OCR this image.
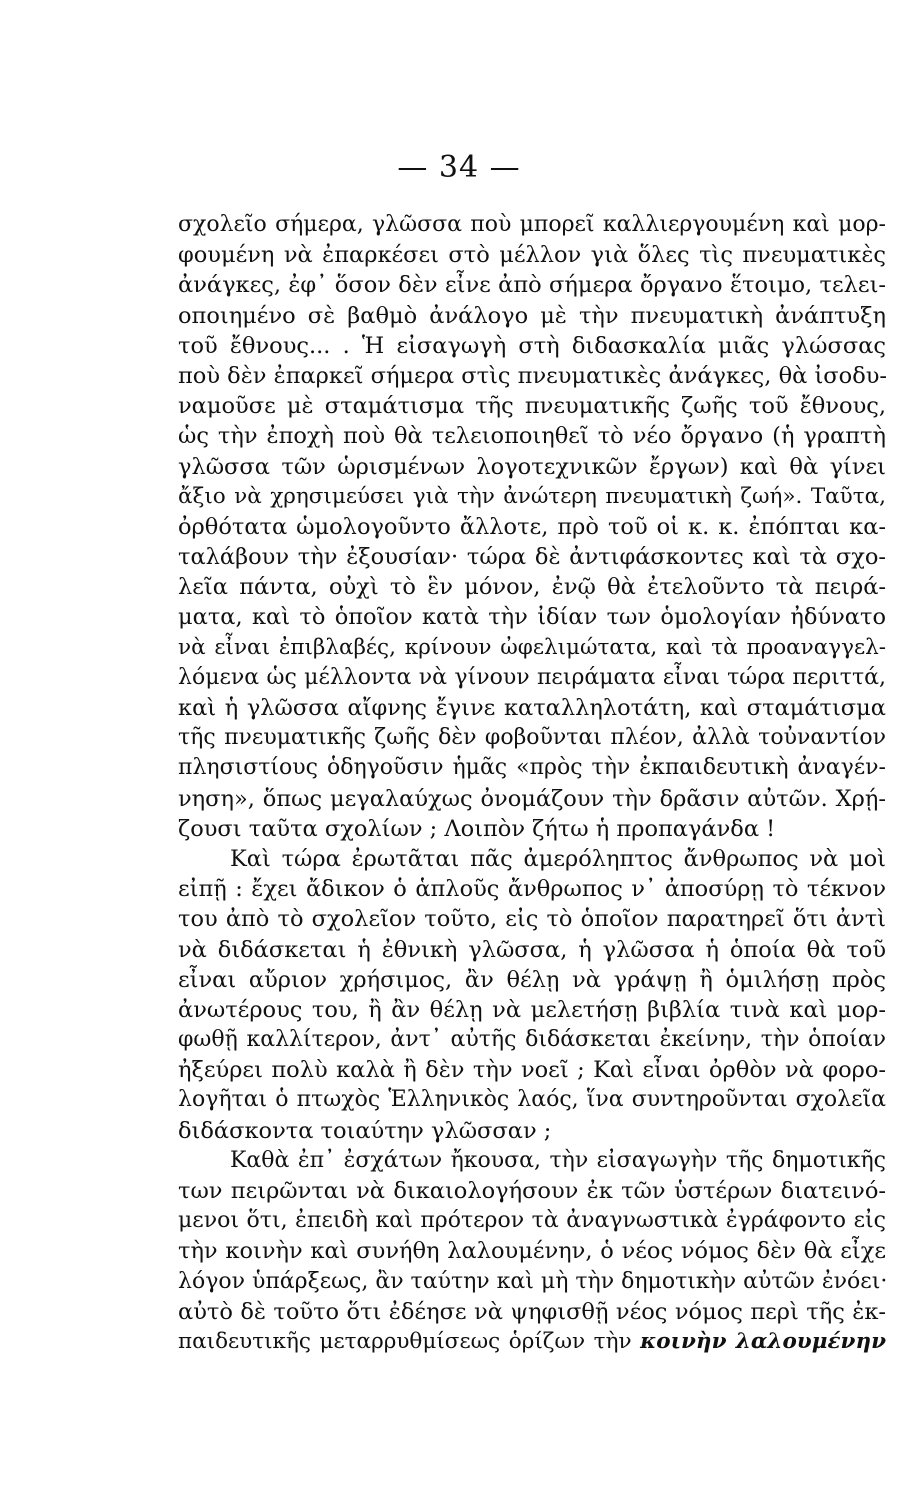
— 34 —
σχολεῖο σήμερα, γλῶσσα ποὺ μπορεῖ καλλιεργουμένη καὶ μορ-
φουμένη νὰ ἐπαρκέσει στὸ μέλλον γιὰ ὅλες τὶς πνευματικὲς
ἀνάγκες, ἐφ᾽ ὅσον δὲν εἶνε ἀπὸ σήμερα ὄργανο ἕτοιμο, τελει-
οποιημένο σὲ βαθμὸ ἀνάλογο μὲ τὴν πνευματικὴ ἀνάπτυξη
τοῦ ἔθνους... . Ἡ εἰσαγωγὴ στὴ διδασκαλία μιᾶς γλώσσας
ποὺ δὲν ἐπαρκεῖ σήμερα στὶς πνευματικὲς ἀνάγκες, θὰ ἰσοδυ-
ναμοῦσε μὲ σταμάτισμα τῆς πνευματικῆς ζωῆς τοῦ ἔθνους,
ὡς τὴν ἐποχὴ ποὺ θὰ τελειοποιηθεῖ τὸ νέο ὄργανο (ἡ γραπτὴ
γλῶσσα τῶν ὡρισμένων λογοτεχνικῶν ἔργων) καὶ θὰ γίνει
ἄξιο νὰ χρησιμεύσει γιὰ τὴν ἀνώτερη πνευματικὴ ζωή». Ταῦτα,
ὀρθότατα ὡμολογοῦντο ἄλλοτε, πρὸ τοῦ οἱ κ. κ. ἐπόπται κα-
ταλάβουν τὴν ἐξουσίαν· τώρα δὲ ἀντιφάσκοντες καὶ τὰ σχο-
λεῖα πάντα, οὐχὶ τὸ ἓν μόνον, ἐνῷ θὰ ἐτελοῦντο τὰ πειρά-
ματα, καὶ τὸ ὁποῖον κατὰ τὴν ἰδίαν των ὁμολογίαν ἠδύνατο
νὰ εἶναι ἐπιβλαβές, κρίνουν ὠφελιμώτατα, καὶ τὰ προαναγγελ-
λόμενα ὡς μέλλοντα νὰ γίνουν πειράματα εἶναι τώρα περιττά,
καὶ ἡ γλῶσσα αἴφνης ἔγινε καταλληλοτάτη, καὶ σταμάτισμα
τῆς πνευματικῆς ζωῆς δὲν φοβοῦνται πλέον, ἀλλὰ τοὐναντίον
πλησιστίους ὁδηγοῦσιν ἡμᾶς «πρὸς τὴν ἐκπαιδευτικὴ ἀναγέν-
νηση», ὅπως μεγαλαύχως ὀνομάζουν τὴν δρᾶσιν αὐτῶν. Χρῄ-
ζουσι ταῦτα σχολίων ; Λοιπὸν ζήτω ἡ προπαγάνδα !
Καὶ τώρα ἐρωτᾶται πᾶς ἀμερόληπτος ἄνθρωπος νὰ μοὶ
εἰπῇ : ἔχει ἄδικον ὁ ἁπλοῦς ἄνθρωπος ν᾽ ἀποσύρῃ τὸ τέκνον
του ἀπὸ τὸ σχολεῖον τοῦτο, εἰς τὸ ὁποῖον παρατηρεῖ ὅτι ἀντὶ
νὰ διδάσκεται ἡ ἐθνικὴ γλῶσσα, ἡ γλῶσσα ἡ ὁποία θὰ τοῦ
εἶναι αὔριον χρήσιμος, ἂν θέλῃ νὰ γράψῃ ἢ ὁμιλήσῃ πρὸς
ἀνωτέρους του, ἢ ἂν θέλῃ νὰ μελετήσῃ βιβλία τινὰ καὶ μορ-
φωθῇ καλλίτερον, ἀντ᾽ αὐτῆς διδάσκεται ἐκείνην, τὴν ὁποίαν
ἠξεύρει πολὺ καλὰ ἢ δὲν τὴν νοεῖ ; Καὶ εἶναι ὀρθὸν νὰ φορο-
λογῆται ὁ πτωχὸς Ἑλληνικὸς λαός, ἵνα συντηροῦνται σχολεῖα
διδάσκοντα τοιαύτην γλῶσσαν ;
Καθὰ ἐπ᾽ ἐσχάτων ἤκουσα, τὴν εἰσαγωγὴν τῆς δημοτικῆς
των πειρῶνται νὰ δικαιολογήσουν ἐκ τῶν ὑστέρων διατεινό-
μενοι ὅτι, ἐπειδὴ καὶ πρότερον τὰ ἀναγνωστικὰ ἐγράφοντο εἰς
τὴν κοινὴν καὶ συνήθη λαλουμένην, ὁ νέος νόμος δὲν θὰ εἶχε
λόγον ὑπάρξεως, ἂν ταύτην καὶ μὴ τὴν δημοτικὴν αὐτῶν ἐνόει·
αὐτὸ δὲ τοῦτο ὅτι ἐδέησε νὰ ψηφισθῇ νέος νόμος περὶ τῆς ἐκ-
παιδευτικῆς μεταρρυθμίσεως ὁρίζων τὴν κοινὴν λαλουμένην
